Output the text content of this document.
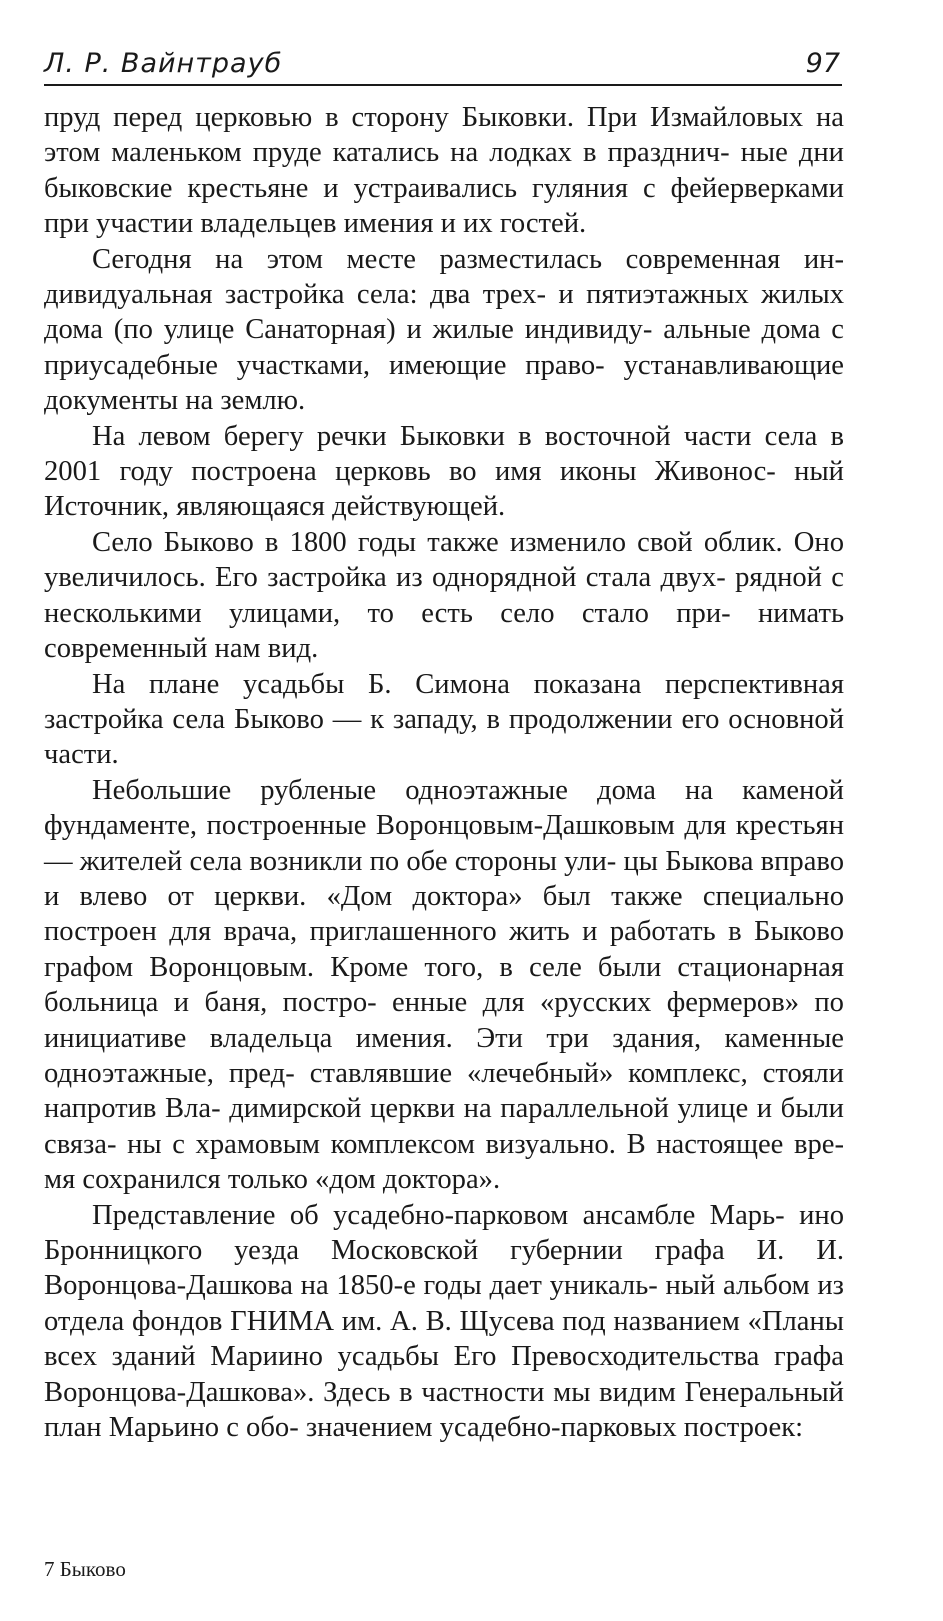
Л. Р. Вайнтрауб	97

пруд перед церковью в сторону Быковки. При Измайловых на этом маленьком пруде катались на лодках в празднич- ные дни быковские крестьяне и устраивались гуляния с фейерверками при участии владельцев имения и их гостей.

Сегодня на этом месте разместилась современная ин- дивидуальная застройка села: два трех- и пятиэтажных жилых дома (по улице Санаторная) и жилые индивиду- альные дома с приусадебные участками, имеющие право- устанавливающие документы на землю.

На левом берегу речки Быковки в восточной части села в 2001 году построена церковь во имя иконы Живонос- ный Источник, являющаяся действующей.

Село Быково в 1800 годы также изменило свой облик. Оно увеличилось. Его застройка из однорядной стала двух- рядной с несколькими улицами, то есть село стало при- нимать современный нам вид.

На плане усадьбы Б. Симона показана перспективная застройка села Быково — к западу, в продолжении его основной части.

Небольшие рубленые одноэтажные дома на каменой фундаменте, построенные Воронцовым-Дашковым для крестьян — жителей села возникли по обе стороны ули- цы Быкова вправо и влево от церкви. «Дом доктора» был также специально построен для врача, приглашенного жить и работать в Быково графом Воронцовым. Кроме того, в селе были стационарная больница и баня, постро- енные для «русских фермеров» по инициативе владельца имения. Эти три здания, каменные одноэтажные, пред- ставлявшие «лечебный» комплекс, стояли напротив Вла- димирской церкви на параллельной улице и были связа- ны с храмовым комплексом визуально. В настоящее вре- мя сохранился только «дом доктора».

Представление об усадебно-парковом ансамбле Марь- ино Бронницкого уезда Московской губернии графа И. И. Воронцова-Дашкова на 1850-е годы дает уникаль- ный альбом из отдела фондов ГНИМА им. А. В. Щусева под названием «Планы всех зданий Мариино усадьбы Его Превосходительства графа Воронцова-Дашкова». Здесь в частности мы видим Генеральный план Марьино с обо- значением усадебно-парковых построек:

7 Быково
